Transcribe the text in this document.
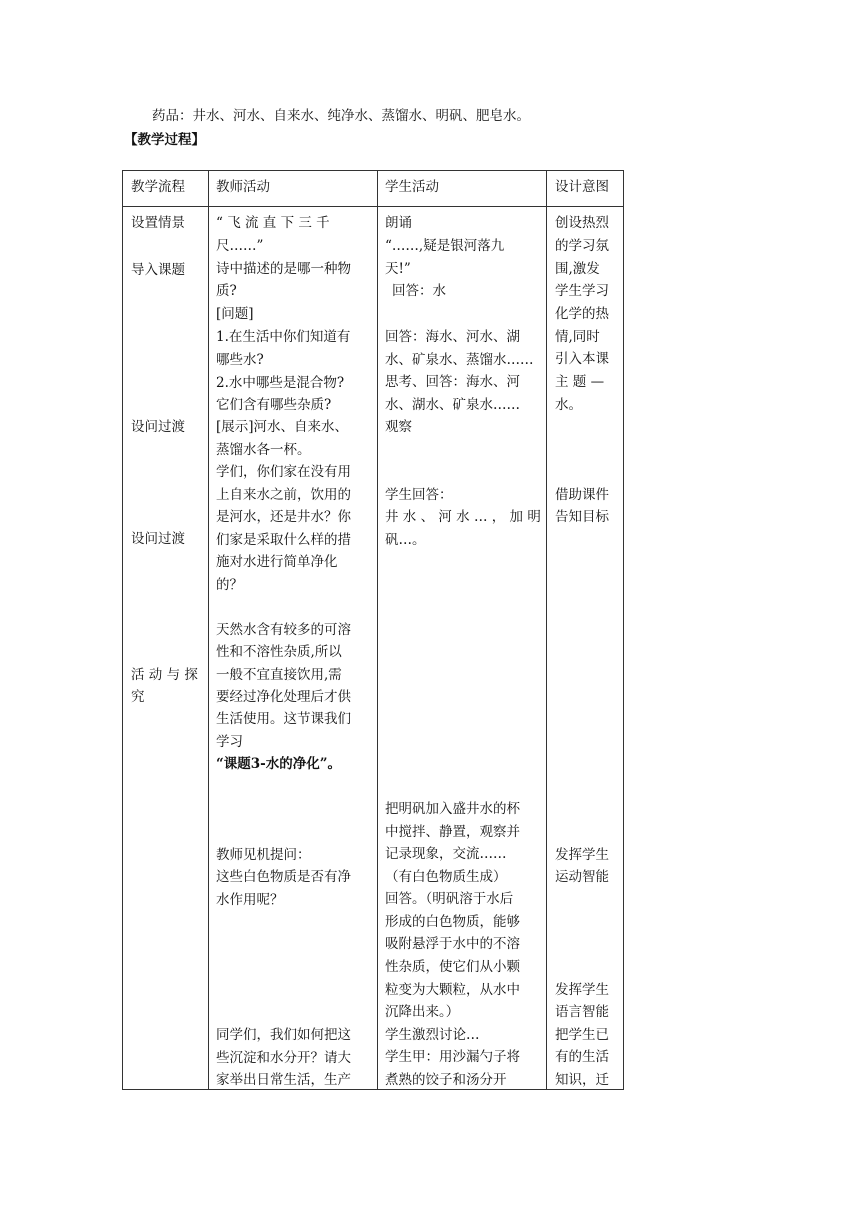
药品：井水、河水、自来水、纯净水、蒸馏水、明矾、肥皂水。
【教学过程】
教学流程 教师活动	学生活动	设计意图
设置情景
导入课题
设问过渡
设问过渡
活 动 与 探
究
“ 飞 流 直 下 三 千
尺……”
诗中描述的是哪一种物
质?
[问题]
1.在生活中你们知道有
哪些水?
2.水中哪些是混合物?
它们含有哪些杂质?
[展示]河水、自来水、
蒸馏水各一杯。
学们，你们家在没有用
上自来水之前，饮用的
是河水，还是井水？你
们家是采取什么样的措
施对水进行简单净化
的？
天然水含有较多的可溶
性和不溶性杂质,所以
一般不宜直接饮用,需
要经过净化处理后才供
生活使用。这节课我们
学习
“课题3-水的净化”。
教师见机提问：
这些白色物质是否有净
水作用呢？
同学们，我们如何把这
些沉淀和水分开？请大
家举出日常生活，生产
朗诵
“……,疑是银河落九
天!”
回答：水
回答：海水、河水、湖
水、矿泉水、蒸馏水……
思考、回答：海水、河
水、湖水、矿泉水……
观察
学生回答：
井 水 、 河 水 … ， 加 明
矾…。
把明矾加入盛井水的杯
中搅拌、静置，观察并
记录现象，交流……
（有白色物质生成）
回答。（明矾溶于水后
形成的白色物质，能够
吸附悬浮于水中的不溶
性杂质，使它们从小颗
粒变为大颗粒，从水中
沉降出来。）
学生激烈讨论…
学生甲：用沙漏勺子将
煮熟的饺子和汤分开
创设热烈
的学习氛
围,激发
学生学习
化学的热
情,同时
引入本课
主 题 —
水。
借助课件
告知目标
发挥学生
运动智能
发挥学生
语言智能
把学生已
有的生活
知识，迁
